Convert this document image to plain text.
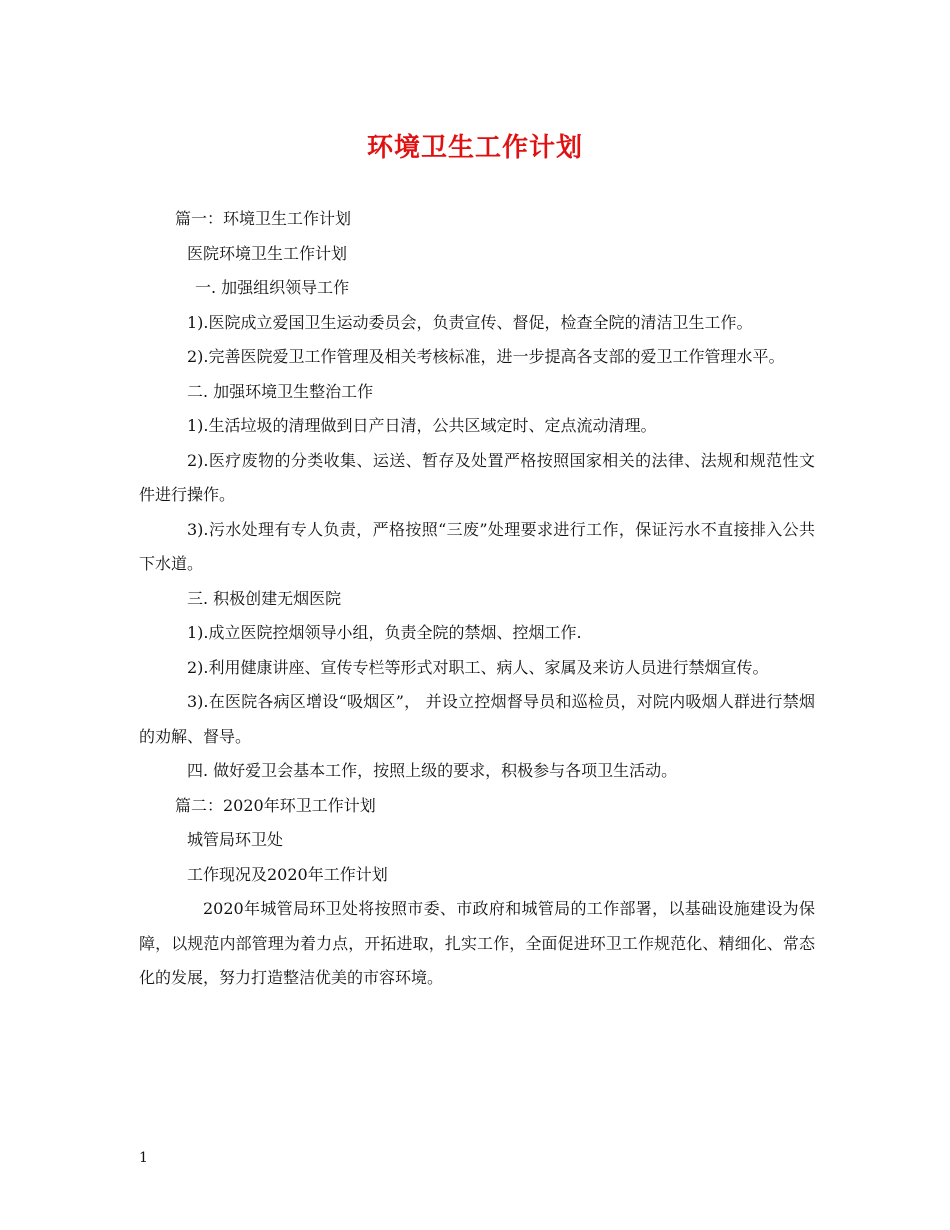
环境卫生工作计划

篇一：环境卫生工作计划

医院环境卫生工作计划

一. 加强组织领导工作

1).医院成立爱国卫生运动委员会，负责宣传、督促，检查全院的清洁卫生工作。

2).完善医院爱卫工作管理及相关考核标准，进一步提高各支部的爱卫工作管理水平。

二. 加强环境卫生整治工作

1).生活垃圾的清理做到日产日清，公共区域定时、定点流动清理。

2).医疗废物的分类收集、运送、暂存及处置严格按照国家相关的法律、法规和规范性文件进行操作。

3).污水处理有专人负责，严格按照“三废”处理要求进行工作，保证污水不直接排入公共下水道。

三. 积极创建无烟医院

1).成立医院控烟领导小组，负责全院的禁烟、控烟工作.

2).利用健康讲座、宣传专栏等形式对职工、病人、家属及来访人员进行禁烟宣传。

3).在医院各病区增设“吸烟区”， 并设立控烟督导员和巡检员，对院内吸烟人群进行禁烟的劝解、督导。

四. 做好爱卫会基本工作，按照上级的要求，积极参与各项卫生活动。

篇二：2020年环卫工作计划

城管局环卫处

工作现况及2020年工作计划

2020年城管局环卫处将按照市委、市政府和城管局的工作部署，以基础设施建设为保障，以规范内部管理为着力点，开拓进取，扎实工作，全面促进环卫工作规范化、精细化、常态化的发展，努力打造整洁优美的市容环境。

1
